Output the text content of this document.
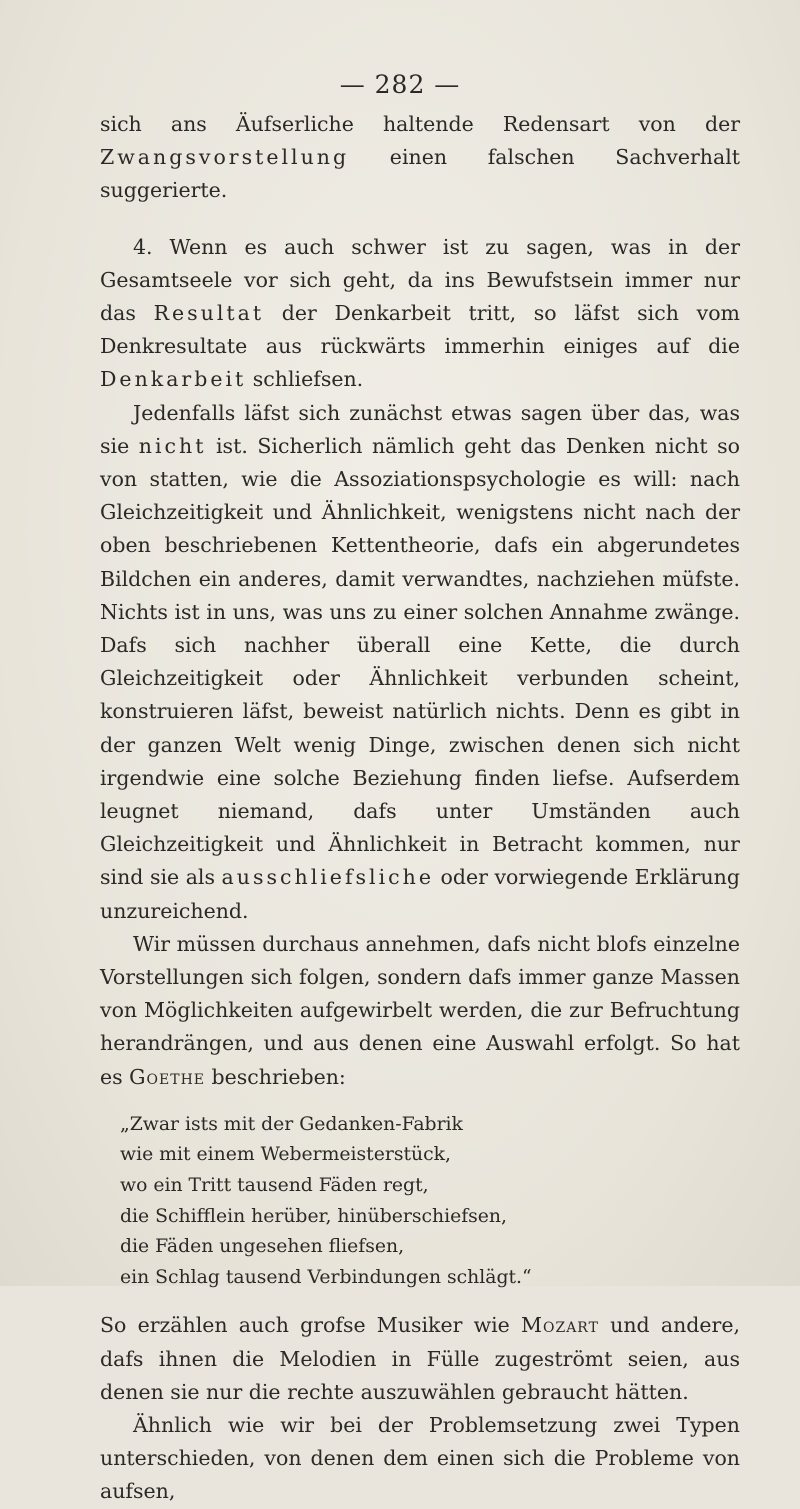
— 282 —

sich ans Äufserliche haltende Redensart von der Zwangsvorstellung einen falschen Sachverhalt suggerierte.

4. Wenn es auch schwer ist zu sagen, was in der Gesamtseele vor sich geht, da ins Bewufstsein immer nur das Resultat der Denkarbeit tritt, so läfst sich vom Denkresultate aus rückwärts immerhin einiges auf die Denkarbeit schliefsen.

Jedenfalls läfst sich zunächst etwas sagen über das, was sie nicht ist. Sicherlich nämlich geht das Denken nicht so von statten, wie die Assoziationspsychologie es will: nach Gleichzeitigkeit und Ähnlichkeit, wenigstens nicht nach der oben beschriebenen Kettentheorie, dafs ein abgerundetes Bildchen ein anderes, damit verwandtes, nachziehen müfste. Nichts ist in uns, was uns zu einer solchen Annahme zwänge. Dafs sich nachher überall eine Kette, die durch Gleichzeitigkeit oder Ähnlichkeit verbunden scheint, konstruieren läfst, beweist natürlich nichts. Denn es gibt in der ganzen Welt wenig Dinge, zwischen denen sich nicht irgendwie eine solche Beziehung finden liefse. Aufserdem leugnet niemand, dafs unter Umständen auch Gleichzeitigkeit und Ähnlichkeit in Betracht kommen, nur sind sie als ausschliefsliche oder vorwiegende Erklärung unzureichend.

Wir müssen durchaus annehmen, dafs nicht blofs einzelne Vorstellungen sich folgen, sondern dafs immer ganze Massen von Möglichkeiten aufgewirbelt werden, die zur Befruchtung herandrängen, und aus denen eine Auswahl erfolgt. So hat es Goethe beschrieben:

„Zwar ists mit der Gedanken-Fabrik
wie mit einem Webermeisterstück,
wo ein Tritt tausend Fäden regt,
die Schifflein herüber, hinüberschiefsen,
die Fäden ungesehen fliefsen,
ein Schlag tausend Verbindungen schlägt.“

So erzählen auch grofse Musiker wie Mozart und andere, dafs ihnen die Melodien in Fülle zugeströmt seien, aus denen sie nur die rechte auszuwählen gebraucht hätten.

Ähnlich wie wir bei der Problemsetzung zwei Typen unterschieden, von denen dem einen sich die Probleme von aufsen,
